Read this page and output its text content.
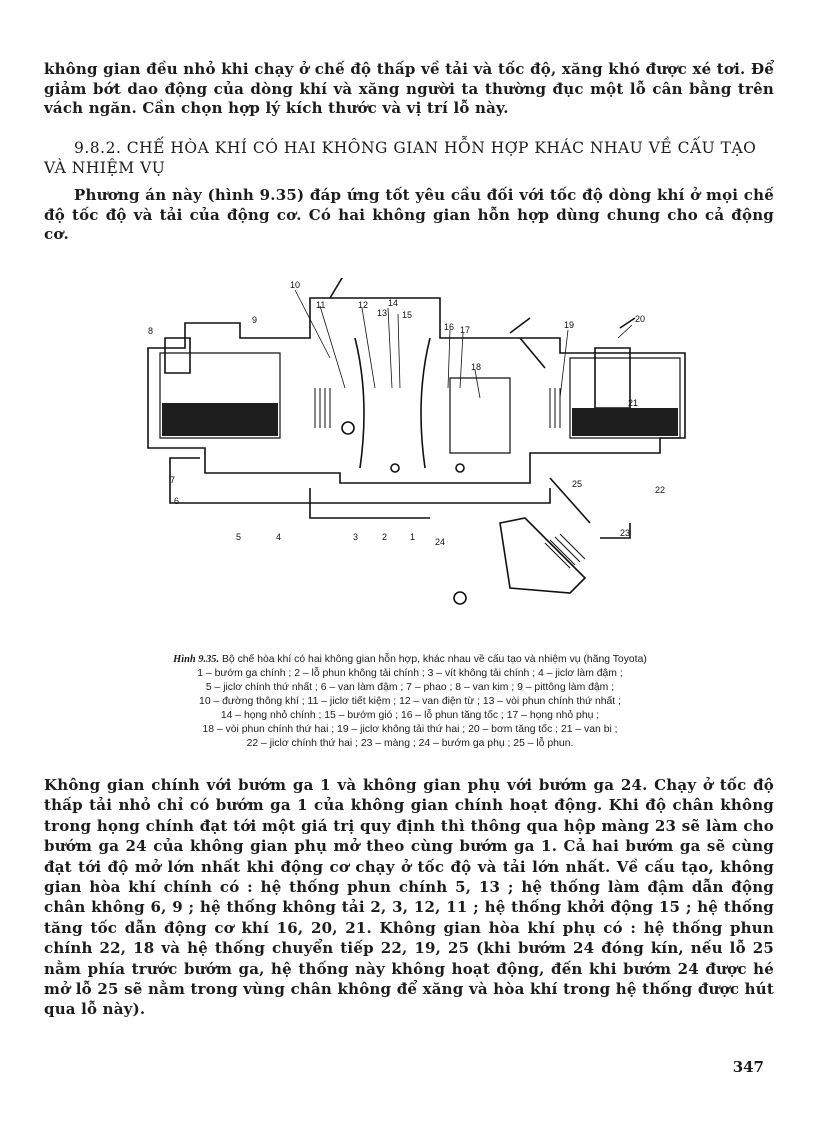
không gian đều nhỏ khi chạy ở chế độ thấp về tải và tốc độ, xăng khó được xé tơi. Để giảm bớt dao động của dòng khí và xăng người ta thường đục một lỗ cân bằng trên vách ngăn. Cần chọn hợp lý kích thước và vị trí lỗ này.

9.8.2. CHẾ HÒA KHÍ CÓ HAI KHÔNG GIAN HỖN HỢP KHÁC NHAU VỀ CẤU TẠO VÀ NHIỆM VỤ

Phương án này (hình 9.35) đáp ứng tốt yêu cầu đối với tốc độ dòng khí ở mọi chế độ tốc độ và tải của động cơ. Có hai không gian hỗn hợp dùng chung cho cả động cơ.

10
11	12
13
14
15
16 17
18
19
20
21
22
23
24
25
8
9
7
6
5	4	3	2	1
Hình 9.35. Bộ chế hòa khí có hai không gian hỗn hợp, khác nhau về cấu tạo và nhiệm vụ (hãng Toyota)
1 – bướm ga chính ; 2 – lỗ phun không tải chính ; 3 – vít không tải chính ; 4 – jiclơ làm đậm ;
5 – jiclơ chính thứ nhất ; 6 – van làm đậm ; 7 – phao ; 8 – van kim ; 9 – pittông làm đậm ;
10 – đường thông khí ; 11 – jiclơ tiết kiệm ; 12 – van điện từ ; 13 – vòi phun chính thứ nhất ;
14 – họng nhỏ chính ; 15 – bướm gió ; 16 – lỗ phun tăng tốc ; 17 – họng nhỏ phụ ;
18 – vòi phun chính thứ hai ; 19 – jiclơ không tải thứ hai ; 20 – bơm tăng tốc ; 21 – van bi ;
22 – jiclơ chính thứ hai ; 23 – màng ; 24 – bướm ga phụ ; 25 – lỗ phun.

Không gian chính với bướm ga 1 và không gian phụ với bướm ga 24. Chạy ở tốc độ thấp tải nhỏ chỉ có bướm ga 1 của không gian chính hoạt động. Khi độ chân không trong họng chính đạt tới một giá trị quy định thì thông qua hộp màng 23 sẽ làm cho bướm ga 24 của không gian phụ mở theo cùng bướm ga 1. Cả hai bướm ga sẽ cùng đạt tới độ mở lớn nhất khi động cơ chạy ở tốc độ và tải lớn nhất. Về cấu tạo, không gian hòa khí chính có : hệ thống phun chính 5, 13 ; hệ thống làm đậm dẫn động chân không 6, 9 ; hệ thống không tải 2, 3, 12, 11 ; hệ thống khởi động 15 ; hệ thống tăng tốc dẫn động cơ khí 16, 20, 21. Không gian hòa khí phụ có : hệ thống phun chính 22, 18 và hệ thống chuyển tiếp 22, 19, 25 (khi bướm 24 đóng kín, nếu lỗ 25 nằm phía trước bướm ga, hệ thống này không hoạt động, đến khi bướm 24 được hé mở lỗ 25 sẽ nằm trong vùng chân không để xăng và hòa khí trong hệ thống được hút qua lỗ này).

347
